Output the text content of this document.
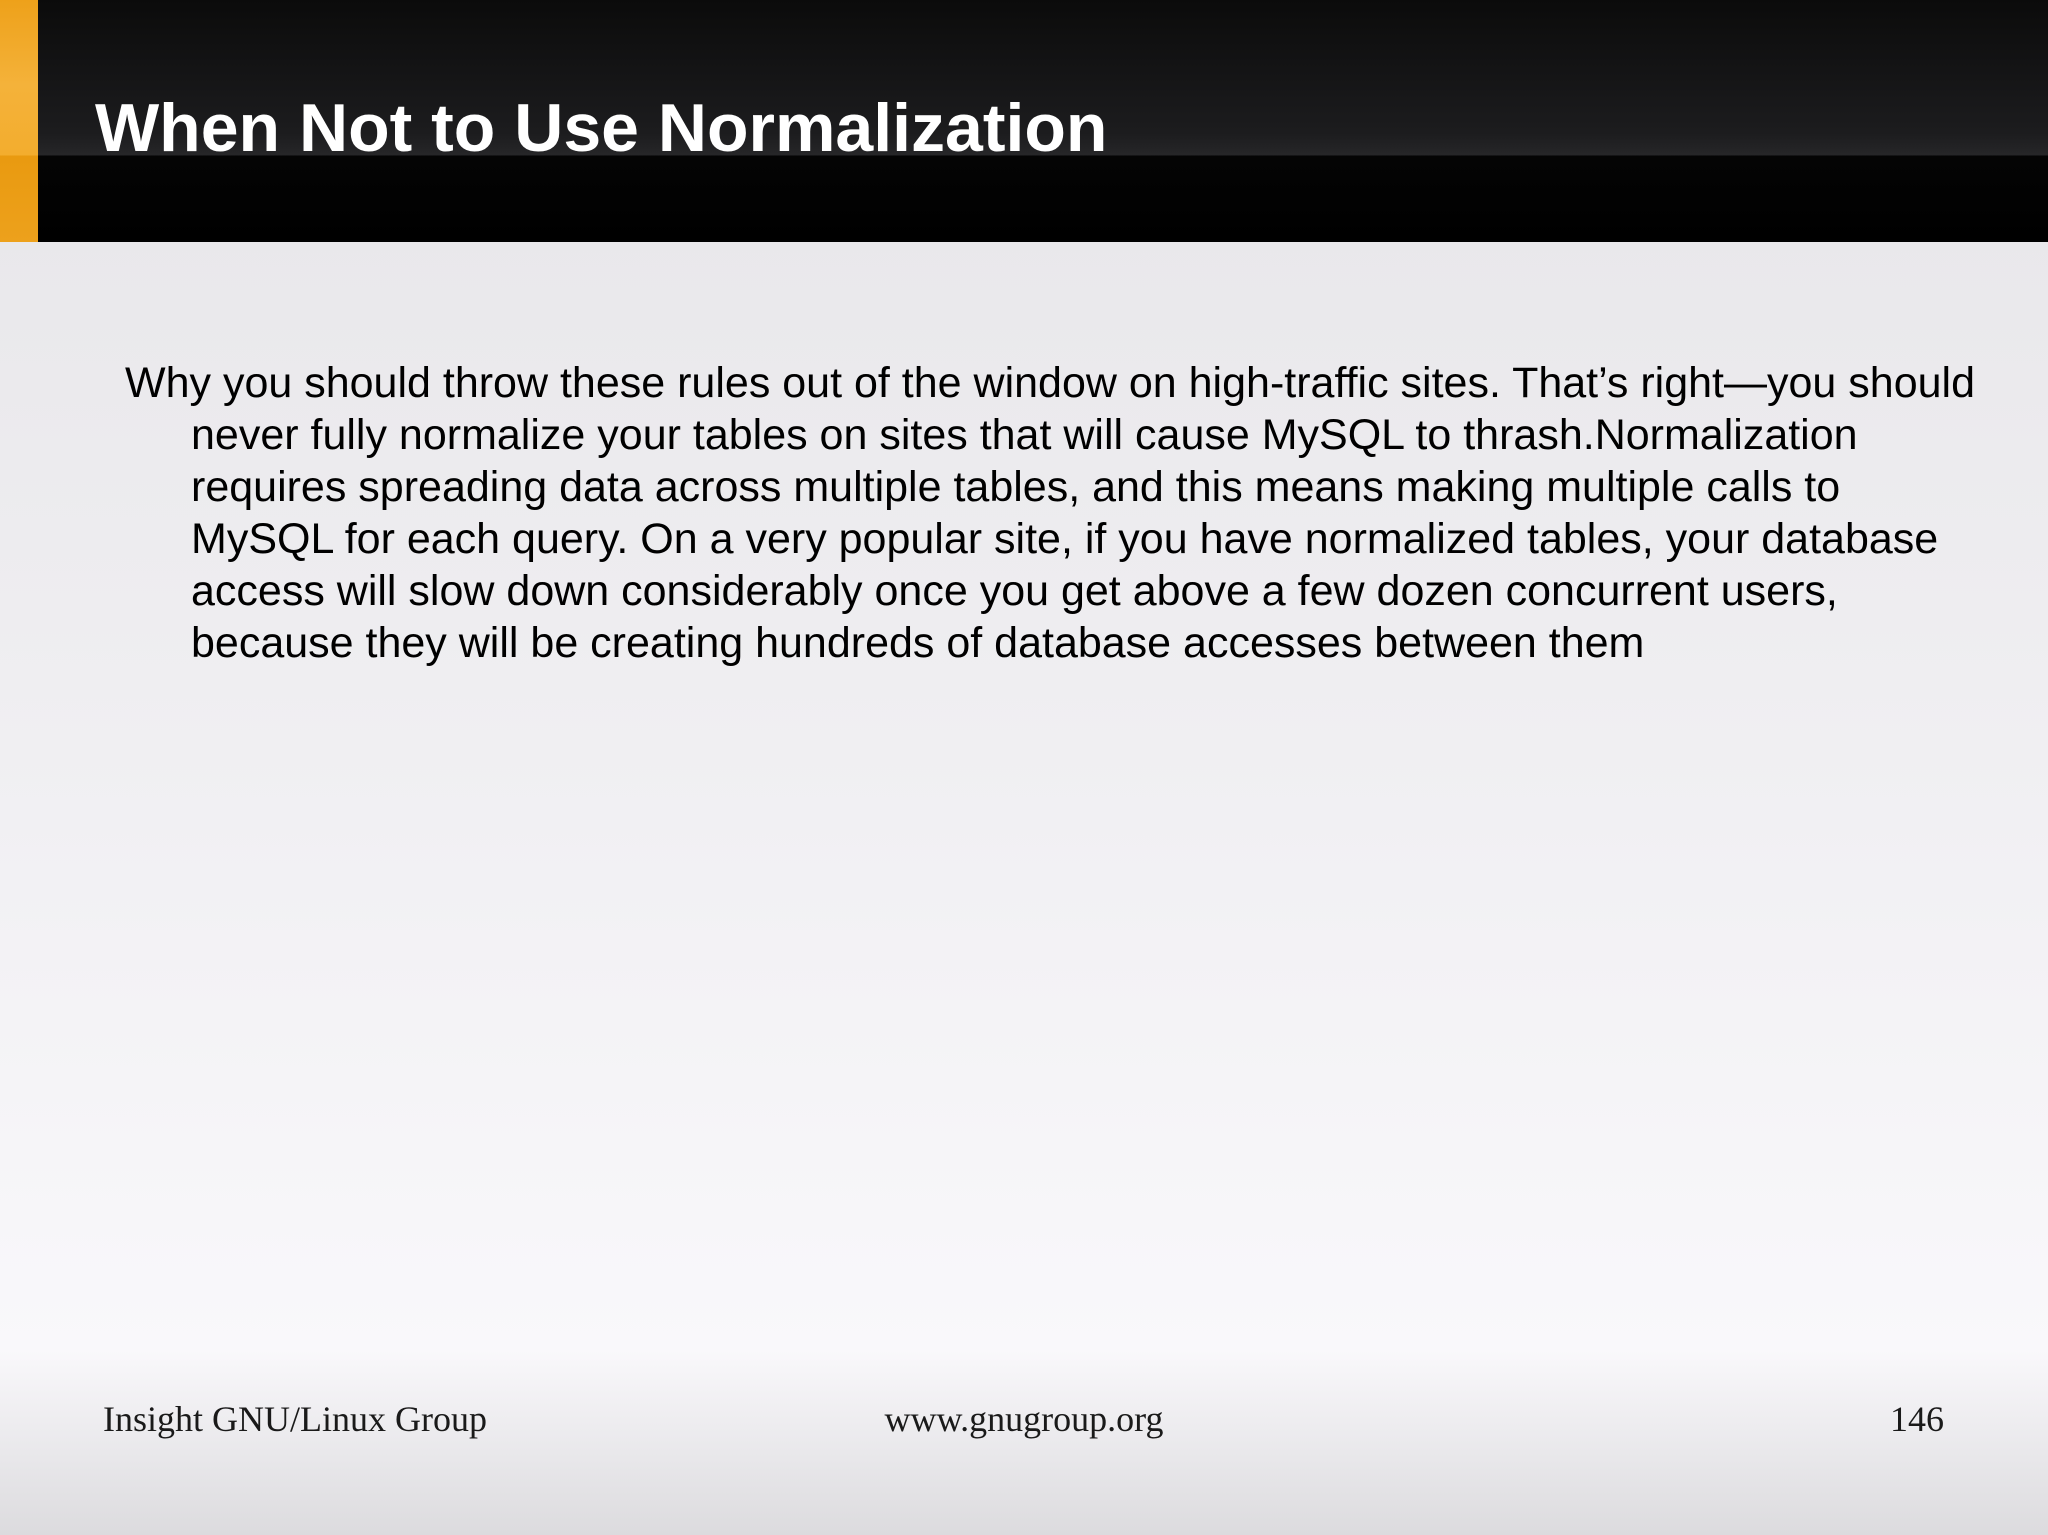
When Not to Use Normalization

Why you should throw these rules out of the window on high-traffic sites. That’s right—you should never fully normalize your tables on sites that will cause MySQL to thrash.Normalization requires spreading data across multiple tables, and this means making multiple calls to MySQL for each query. On a very popular site, if you have normalized tables, your database access will slow down considerably once you get above a few dozen concurrent users, because they will be creating hundreds of database accesses between them

www.gnugroup.org
Insight GNU/Linux Group	146
